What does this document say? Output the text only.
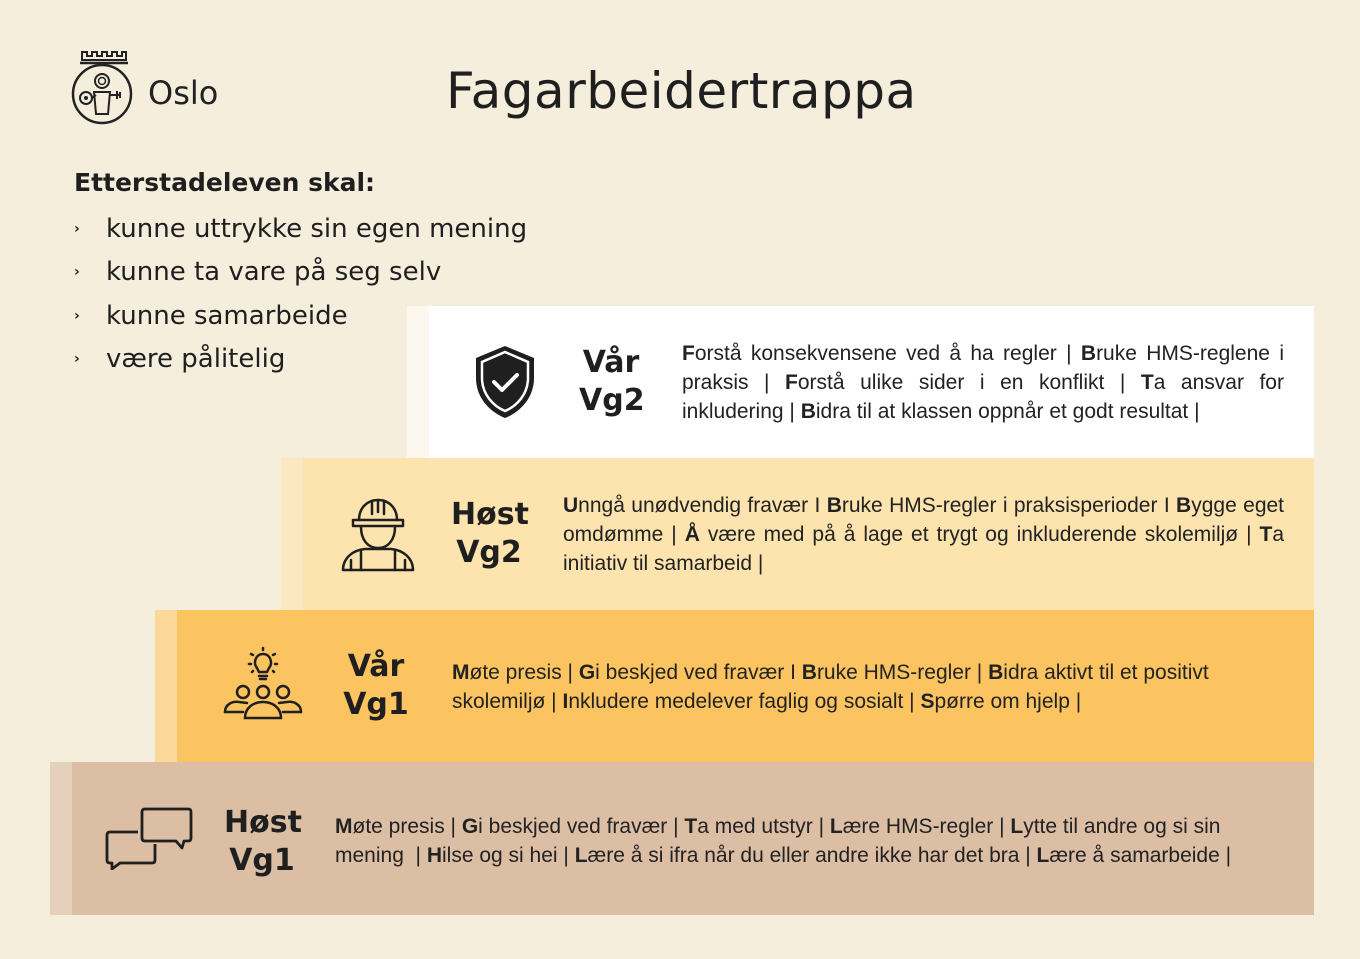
Oslo	Fagarbeidertrappa

Etterstadeleven skal:

›	kunne uttrykke sin egen mening
›	kunne ta vare på seg selv
›	kunne samarbeide
›	være pålitelig	Vår
Vg2
Forstå konsekvensene ved å ha regler | Bruke HMS-reglene i praksis | Forstå ulike sider i en konflikt | Ta ansvar for inkludering | Bidra til at klassen oppnår et godt resultat |
Høst
Vg2
Unngå unødvendig fravær I Bruke HMS-regler i praksisperioder I Bygge eget omdømme | Å være med på å lage et trygt og inkluderende skolemiljø | Ta initiativ til samarbeid |
Vår
Vg1
Møte presis | Gi beskjed ved fravær I Bruke HMS-regler | Bidra aktivt til et positivt skolemiljø | Inkludere medelever faglig og sosialt | Spørre om hjelp |
Høst
Vg1
Møte presis | Gi beskjed ved fravær | Ta med utstyr | Lære HMS-regler | Lytte til andre og si sin mening  | Hilse og si hei | Lære å si ifra når du eller andre ikke har det bra | Lære å samarbeide |
